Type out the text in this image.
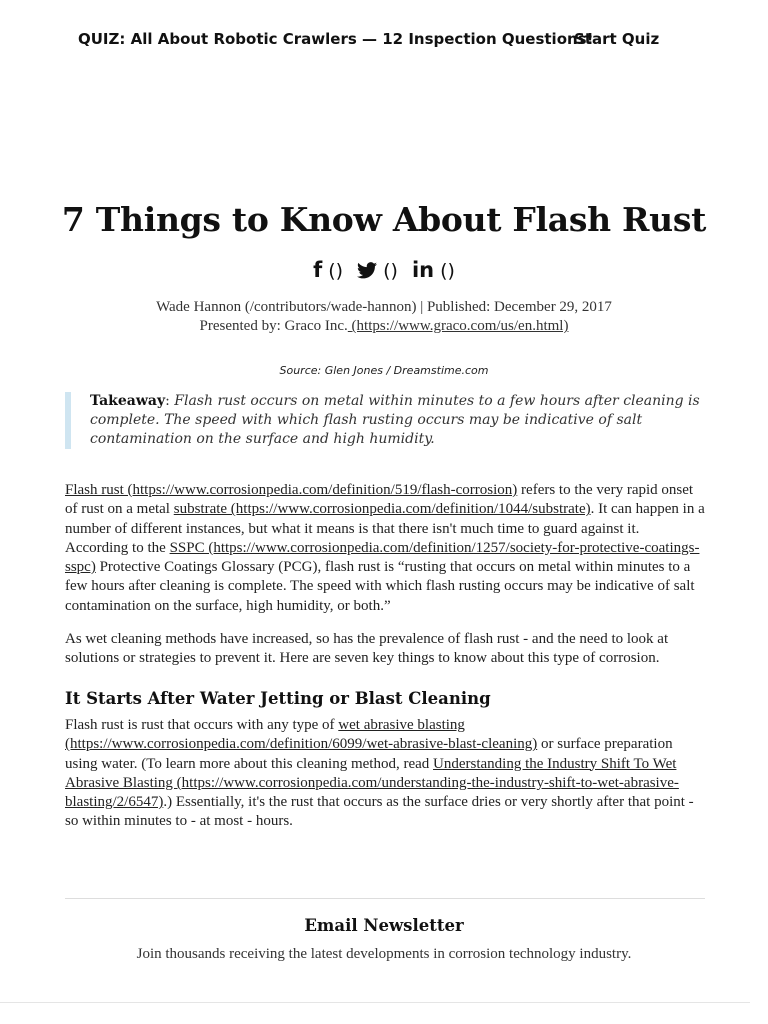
QUIZ: All About Robotic Crawlers — 12 Inspection Questions!
Start Quiz
7 Things to Know About Flash Rust
f () () in ()
Wade Hannon (/contributors/wade-hannon) | Published: December 29, 2017
Presented by: Graco Inc. (https://www.graco.com/us/en.html)
Source: Glen Jones / Dreamstime.com
Takeaway: Flash rust occurs on metal within minutes to a few hours after cleaning is complete. The speed with which flash rusting occurs may be indicative of salt contamination on the surface and high humidity.

Flash rust (https://www.corrosionpedia.com/definition/519/flash-corrosion) refers to the very rapid onset of rust on a metal substrate (https://www.corrosionpedia.com/definition/1044/substrate). It can happen in a number of different instances, but what it means is that there isn't much time to guard against it. According to the SSPC (https://www.corrosionpedia.com/definition/1257/society-for-protective-coatings-sspc) Protective Coatings Glossary (PCG), flash rust is “rusting that occurs on metal within minutes to a few hours after cleaning is complete. The speed with which flash rusting occurs may be indicative of salt contamination on the surface, high humidity, or both.”

As wet cleaning methods have increased, so has the prevalence of flash rust - and the need to look at solutions or strategies to prevent it. Here are seven key things to know about this type of corrosion.

It Starts After Water Jetting or Blast Cleaning

Flash rust is rust that occurs with any type of wet abrasive blasting (https://www.corrosionpedia.com/definition/6099/wet-abrasive-blast-cleaning) or surface preparation using water. (To learn more about this cleaning method, read Understanding the Industry Shift To Wet Abrasive Blasting (https://www.corrosionpedia.com/understanding-the-industry-shift-to-wet-abrasive-blasting/2/6547).) Essentially, it's the rust that occurs as the surface dries or very shortly after that point - so within minutes to - at most - hours.

Email Newsletter
Join thousands receiving the latest developments in corrosion technology industry.
